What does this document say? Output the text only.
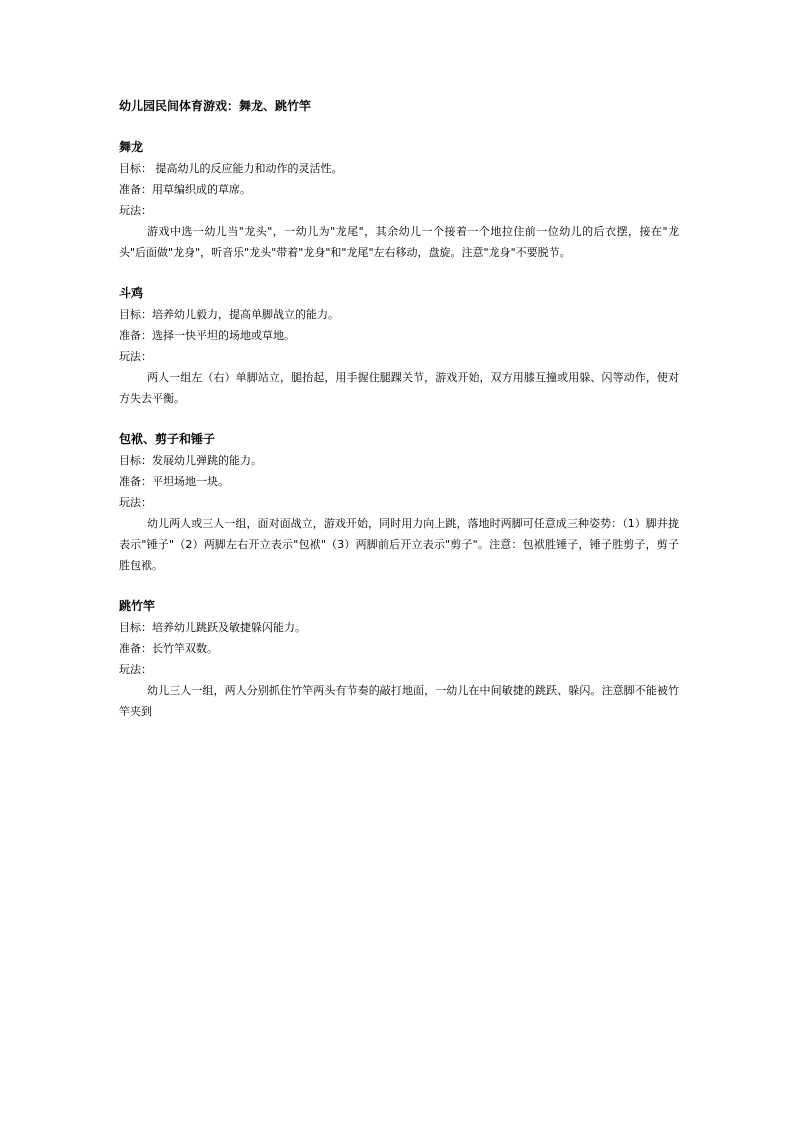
幼儿园民间体育游戏：舞龙、跳竹竿

舞龙

目标： 提高幼儿的反应能力和动作的灵活性。

准备：用草编织成的草席。

玩法：

游戏中选一幼儿当"龙头"，一幼儿为"龙尾"，其余幼儿一个接着一个地拉住前一位幼儿的后衣摆，接在"龙头"后面做"龙身"，听音乐"龙头"带着"龙身"和"龙尾"左右移动，盘旋。注意"龙身"不要脱节。

斗鸡

目标：培养幼儿毅力，提高单脚战立的能力。

准备：选择一快平坦的场地或草地。

玩法：

两人一组左（右）单脚站立，腿抬起，用手握住腿踝关节，游戏开始，双方用膝互撞或用躲、闪等动作，使对方失去平衡。

包袱、剪子和锤子

目标：发展幼儿弹跳的能力。

准备：平坦场地一块。

玩法：

幼儿两人或三人一组，面对面战立，游戏开始，同时用力向上跳，落地时两脚可任意成三种姿势：（1）脚并拢表示"锤子"（2）两脚左右开立表示"包袱"（3）两脚前后开立表示"剪子"。注意：包袱胜锤子，锤子胜剪子，剪子胜包袱。

跳竹竿

目标：培养幼儿跳跃及敏捷躲闪能力。

准备：长竹竿双数。

玩法：

幼儿三人一组，两人分别抓住竹竿两头有节奏的敲打地面，一幼儿在中间敏捷的跳跃、躲闪。注意脚不能被竹竿夹到
